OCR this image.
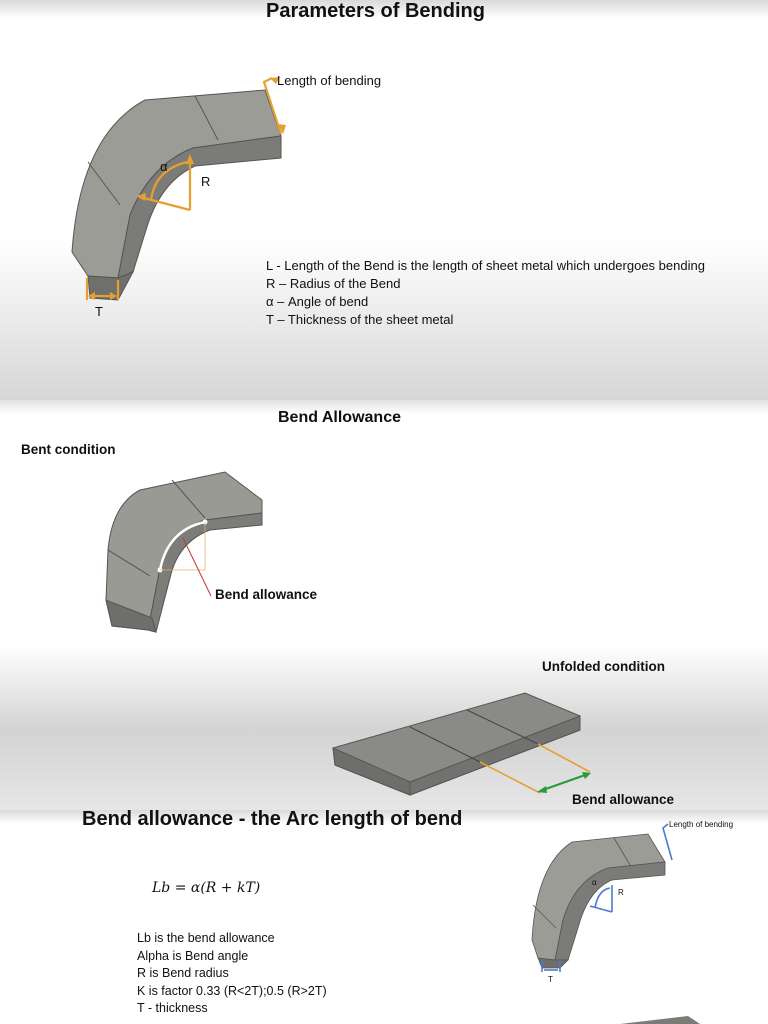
Parameters of Bending
Length of bending
α
R
T
L - Length of the Bend is the length of sheet metal which undergoes bending
R – Radius of the Bend
α – Angle of bend
T – Thickness of the sheet metal
Bend Allowance
Bent condition
Bend allowance
Unfolded condition
Bend allowance
Bend allowance - the Arc length of bend
Lb = α(R + kT)
Lb is the bend allowance
Alpha is Bend angle
R is Bend radius
K is factor 0.33 (R<2T);0.5 (R>2T)
T - thickness
Length of bending
α
R
T
